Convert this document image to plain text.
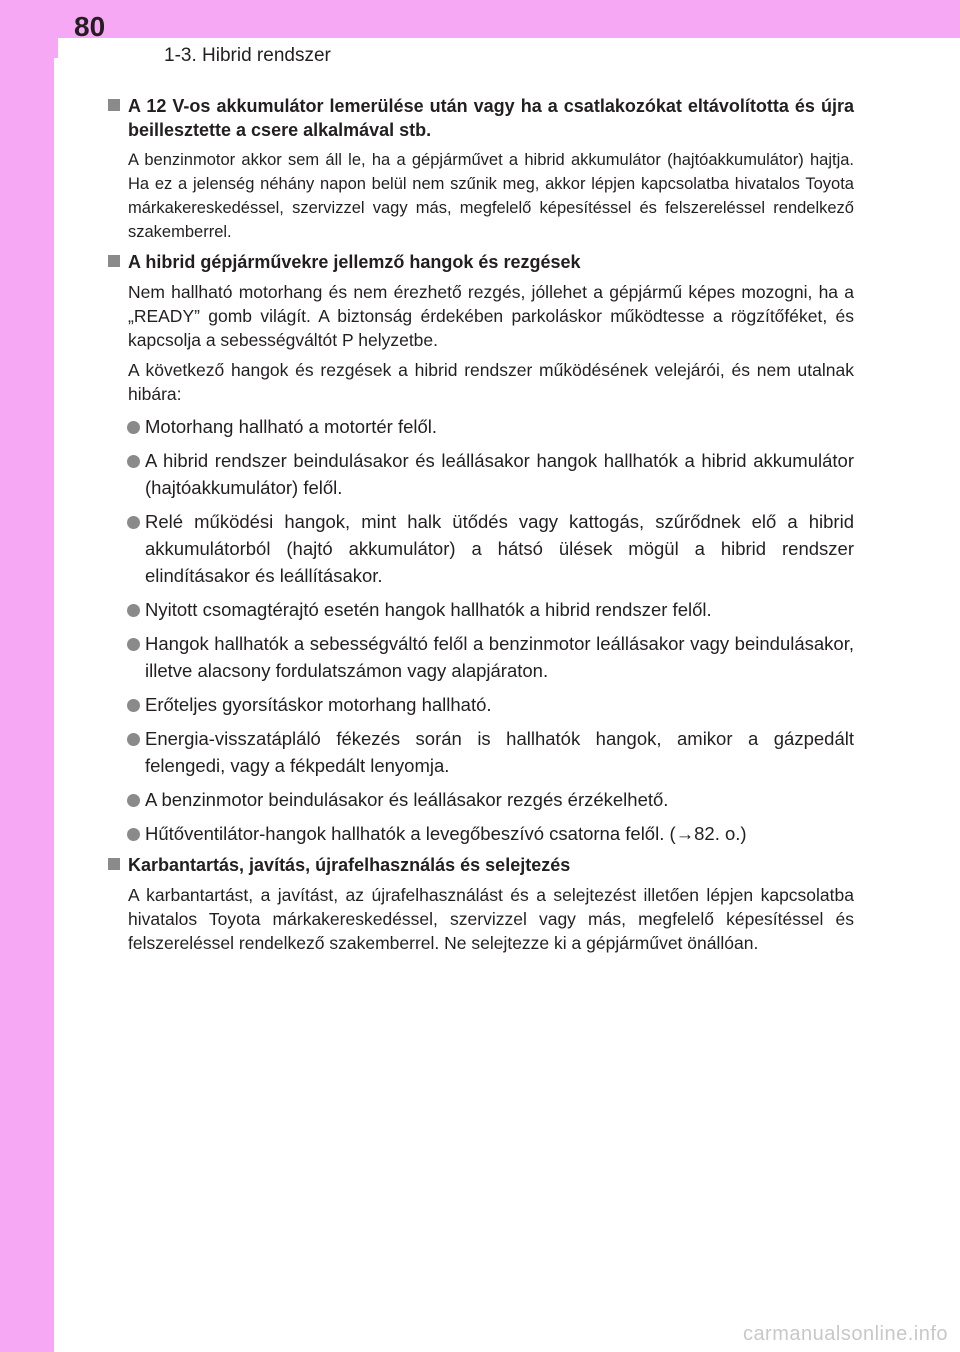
80
1-3. Hibrid rendszer
A 12 V-os akkumulátor lemerülése után vagy ha a csatlakozókat eltávolította és újra beillesztette a csere alkalmával stb.
A benzinmotor akkor sem áll le, ha a gépjárművet a hibrid akkumulátor (hajtóakkumulátor) hajtja. Ha ez a jelenség néhány napon belül nem szűnik meg, akkor lépjen kapcsolatba hivatalos Toyota márkakereskedéssel, szervizzel vagy más, megfelelő képesítéssel és felszereléssel rendelkező szakemberrel.
A hibrid gépjárművekre jellemző hangok és rezgések
Nem hallható motorhang és nem érezhető rezgés, jóllehet a gépjármű képes mozogni, ha a „READY” gomb világít. A biztonság érdekében parkoláskor működtesse a rögzítőféket, és kapcsolja a sebességváltót P helyzetbe.
A következő hangok és rezgések a hibrid rendszer működésének velejárói, és nem utalnak hibára:
Motorhang hallható a motortér felől.
A hibrid rendszer beindulásakor és leállásakor hangok hallhatók a hibrid akkumulátor (hajtóakkumulátor) felől.
Relé működési hangok, mint halk ütődés vagy kattogás, szűrődnek elő a hibrid akkumulátorból (hajtó akkumulátor) a hátsó ülések mögül a hibrid rendszer elindításakor és leállításakor.
Nyitott csomagtérajtó esetén hangok hallhatók a hibrid rendszer felől.
Hangok hallhatók a sebességváltó felől a benzinmotor leállásakor vagy beindulásakor, illetve alacsony fordulatszámon vagy alapjáraton.
Erőteljes gyorsításkor motorhang hallható.
Energia-visszatápláló fékezés során is hallhatók hangok, amikor a gázpedált felengedi, vagy a fékpedált lenyomja.
A benzinmotor beindulásakor és leállásakor rezgés érzékelhető.
Hűtőventilátor-hangok hallhatók a levegőbeszívó csatorna felől. (→82. o.)
Karbantartás, javítás, újrafelhasználás és selejtezés
A karbantartást, a javítást, az újrafelhasználást és a selejtezést illetően lépjen kapcsolatba hivatalos Toyota márkakereskedéssel, szervizzel vagy más, megfelelő képesítéssel és felszereléssel rendelkező szakemberrel. Ne selejtezze ki a gépjárművet önállóan.
carmanualsonline.info
